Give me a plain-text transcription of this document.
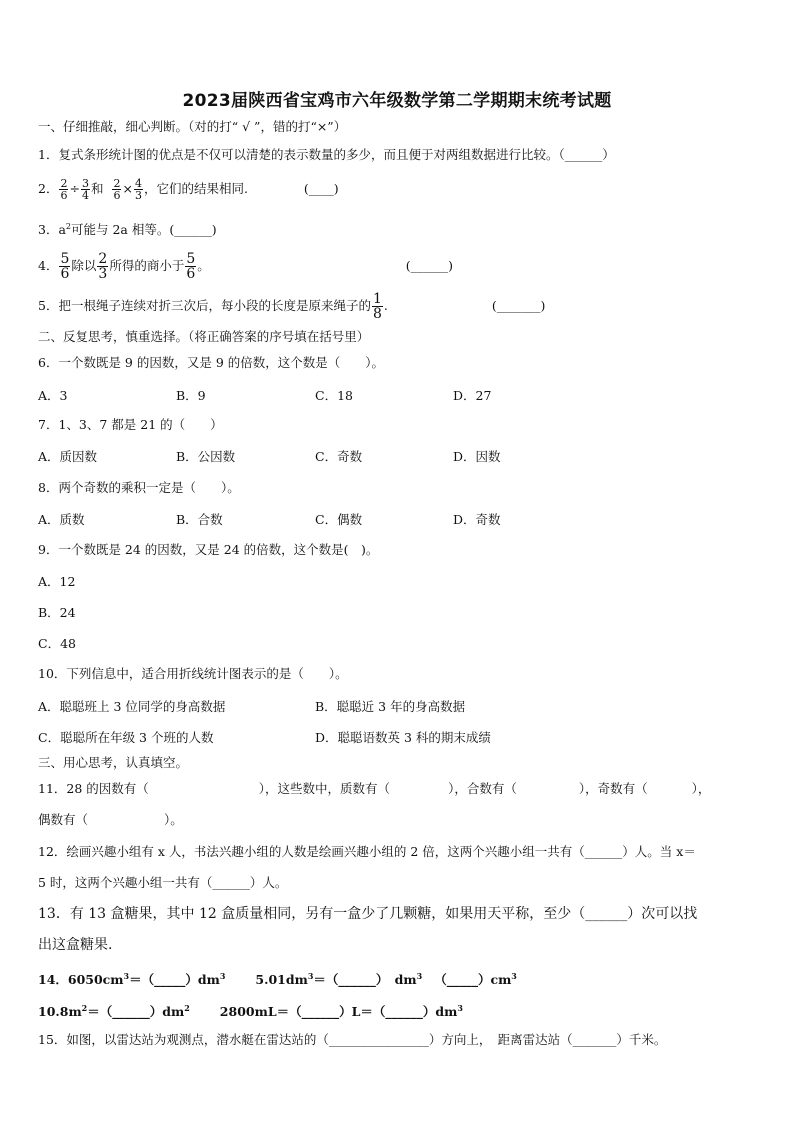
2023届陕西省宝鸡市六年级数学第二学期期末统考试题
一、仔细推敲，细心判断。（对的打“ √ ”，错的打“×”）
1．复式条形统计图的优点是不仅可以清楚的表示数量的多少，而且便于对两组数据进行比较。（______）
2． $\frac{2}{6} \div \frac{3}{4}$ 和 $\frac{2}{6} \times \frac{4}{3}$ ，它们的结果相同.	(____)
3．$a^2$可能与 2a 相等。(______)
4． $\frac{5}{6}$ 除以 $\frac{2}{3}$ 所得的商小于 $\frac{5}{6}$ 。	(______)
5．把一根绳子连续对折三次后，每小段的长度是原来绳子的 $\frac{1}{8}$ .	(_______)
二、反复思考，慎重选择。（将正确答案的序号填在括号里）
6．一个数既是 9 的因数，又是 9 的倍数，这个数是（　　）。
A．3	B．9	C．18	D．27
7．1、3、7 都是 21 的（　　）
A．质因数	B．公因数	C．奇数	D．因数
8．两个奇数的乘积一定是（　　）。
A．质数	B．合数	C．偶数	D．奇数
9．一个数既是 24 的因数，又是 24 的倍数，这个数是(　)。
A．12
B．24
C．48
10．下列信息中，适合用折线统计图表示的是（　　）。
A．聪聪班上 3 位同学的身高数据	B．聪聪近 3 年的身高数据
C．聪聪所在年级 3 个班的人数	D．聪聪语数英 3 科的期末成绩
三、用心思考，认真填空。
11．28 的因数有（	），这些数中，质数有（	），合数有（	），奇数有（	），
偶数有（	）。
12．绘画兴趣小组有 x 人，书法兴趣小组的人数是绘画兴趣小组的 2 倍，这两个兴趣小组一共有（______）人。当 x＝
5 时，这两个兴趣小组一共有（______）人。
13．有 13 盒糖果，其中 12 盒质量相同，另有一盒少了几颗糖，如果用天平称，至少（______）次可以找
出这盒糖果.
14．$6050cm^3=(\_\_\_\_\_)dm^3$ $5.01dm^3=(\_\_\_\_\_\_)$　$dm^3$ $(\_\_\_\_\_)cm^3$
$10.8m^2=(\_\_\_\_\_\_)dm^2$ $2800mL=(\_\_\_\_\_\_)L=(\_\_\_\_\_\_)dm^3$
15．如图，以雷达站为观测点，潜水艇在雷达站的（________________）方向上，　距离雷达站（_______）千米。
